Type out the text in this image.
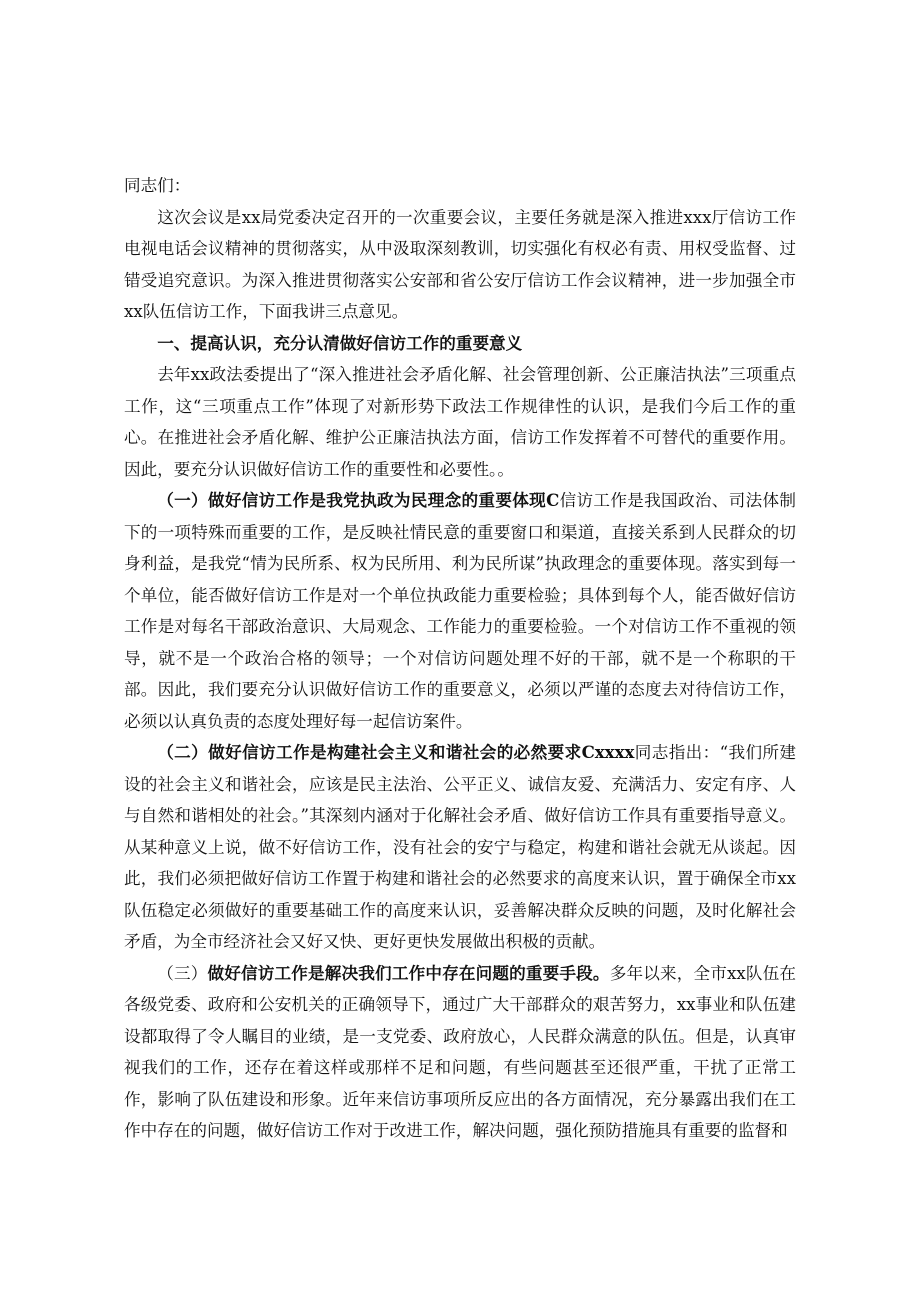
同志们：

这次会议是xx局党委决定召开的一次重要会议，主要任务就是深入推进xxx厅信访工作电视电话会议精神的贯彻落实，从中汲取深刻教训，切实强化有权必有责、用权受监督、过错受追究意识。为深入推进贯彻落实公安部和省公安厅信访工作会议精神，进一步加强全市xx队伍信访工作，下面我讲三点意见。

一、提高认识，充分认清做好信访工作的重要意义

去年xx政法委提出了“深入推进社会矛盾化解、社会管理创新、公正廉洁执法”三项重点工作，这“三项重点工作”体现了对新形势下政法工作规律性的认识，是我们今后工作的重心。在推进社会矛盾化解、维护公正廉洁执法方面，信访工作发挥着不可替代的重要作用。因此，要充分认识做好信访工作的重要性和必要性。。

（一）做好信访工作是我党执政为民理念的重要体现C信访工作是我国政治、司法体制下的一项特殊而重要的工作，是反映社情民意的重要窗口和渠道，直接关系到人民群众的切身利益，是我党“情为民所系、权为民所用、利为民所谋”执政理念的重要体现。落实到每一个单位，能否做好信访工作是对一个单位执政能力重要检验；具体到每个人，能否做好信访工作是对每名干部政治意识、大局观念、工作能力的重要检验。一个对信访工作不重视的领导，就不是一个政治合格的领导；一个对信访问题处理不好的干部，就不是一个称职的干部。因此，我们要充分认识做好信访工作的重要意义，必须以严谨的态度去对待信访工作，必须以认真负责的态度处理好每一起信访案件。

（二）做好信访工作是构建社会主义和谐社会的必然要求Cxxxx同志指出：“我们所建设的社会主义和谐社会，应该是民主法治、公平正义、诚信友爱、充满活力、安定有序、人与自然和谐相处的社会。”其深刻内涵对于化解社会矛盾、做好信访工作具有重要指导意义。从某种意义上说，做不好信访工作，没有社会的安宁与稳定，构建和谐社会就无从谈起。因此，我们必须把做好信访工作置于构建和谐社会的必然要求的高度来认识，置于确保全市xx队伍稳定必须做好的重要基础工作的高度来认识，妥善解决群众反映的问题，及时化解社会矛盾，为全市经济社会又好又快、更好更快发展做出积极的贡献。

（三）做好信访工作是解决我们工作中存在问题的重要手段。多年以来，全市xx队伍在各级党委、政府和公安机关的正确领导下，通过广大干部群众的艰苦努力，xx事业和队伍建设都取得了令人瞩目的业绩，是一支党委、政府放心，人民群众满意的队伍。但是，认真审视我们的工作，还存在着这样或那样不足和问题，有些问题甚至还很严重，干扰了正常工作，影响了队伍建设和形象。近年来信访事项所反应出的各方面情况，充分暴露出我们在工作中存在的问题，做好信访工作对于改进工作，解决问题，强化预防措施具有重要的监督和
